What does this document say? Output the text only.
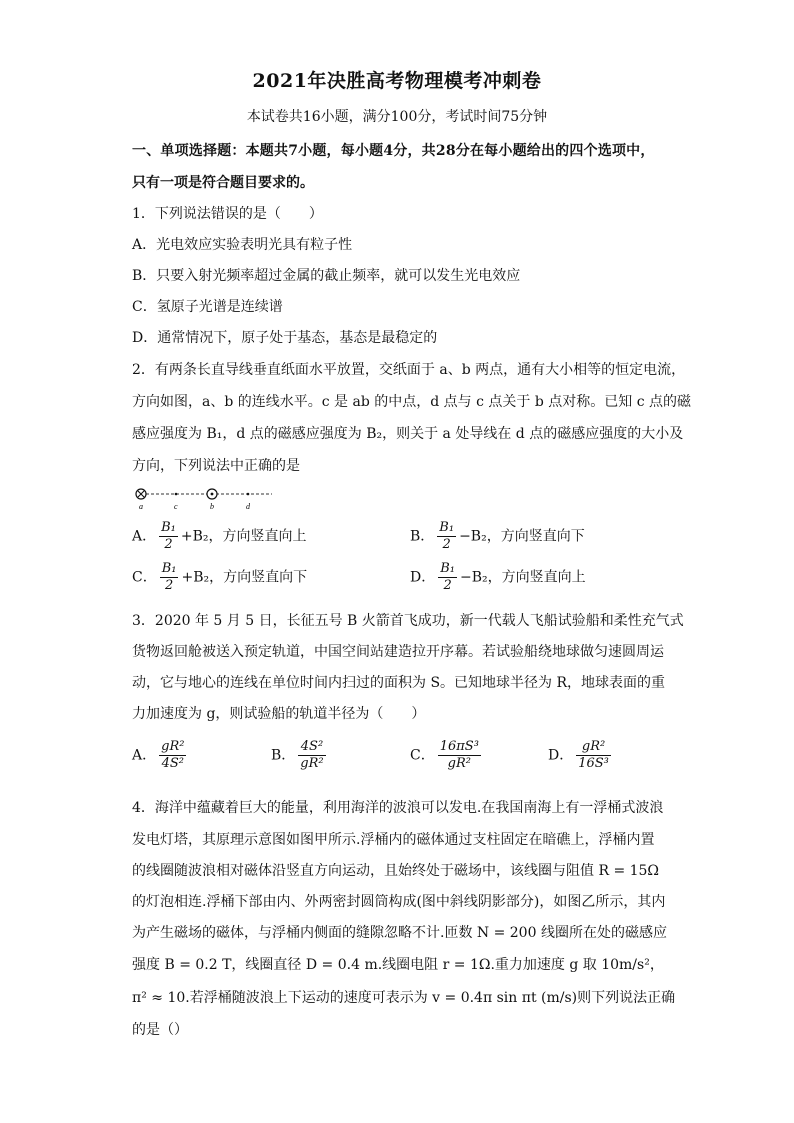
2021年决胜高考物理模考冲刺卷
本试卷共16小题，满分100分，考试时间75分钟
一、单项选择题：本题共7小题，每小题4分，共28分在每小题给出的四个选项中，
只有一项是符合题目要求的。
1．下列说法错误的是（　　）
A．光电效应实验表明光具有粒子性
B．只要入射光频率超过金属的截止频率，就可以发生光电效应
C．氢原子光谱是连续谱
D．通常情况下，原子处于基态，基态是最稳定的
2．有两条长直导线垂直纸面水平放置，交纸面于 a、b 两点，通有大小相等的恒定电流，
方向如图，a、b 的连线水平。c 是 ab 的中点，d 点与 c 点关于 b 点对称。已知 c 点的磁
感应强度为 B₁，d 点的磁感应强度为 B₂，则关于 a 处导线在 d 点的磁感应强度的大小及
方向，下列说法中正确的是
a	c	b	d
A． $\frac{\text{B₁}}{2} +B_2$，方向竖直向上	B． $\frac{\text{B₁}}{2} -B_2$，方向竖直向下
C． $\frac{\text{B₁}}{2} +B_2$，方向竖直向下	D． $\frac{\text{B₁}}{2} -B_2$，方向竖直向上
3．2020 年 5 月 5 日，长征五号 B 火箭首飞成功，新一代载人飞船试验船和柔性充气式
货物返回舱被送入预定轨道，中国空间站建造拉开序幕。若试验船绕地球做匀速圆周运
动，它与地心的连线在单位时间内扫过的面积为 S。已知地球半径为 R，地球表面的重
力加速度为 g，则试验船的轨道半径为（　　）
A． $\frac{\text{gR²}}{\text{4S²}}$	B． $\frac{\text{4S²}}{\text{gR²}}$	C． $\frac{\text{16πS³}}{\text{gR²}}$	D． $\frac{\text{gR²}}{\text{16S³}}$
4．海洋中蕴藏着巨大的能量，利用海洋的波浪可以发电.在我国南海上有一浮桶式波浪
发电灯塔，其原理示意图如图甲所示.浮桶内的磁体通过支柱固定在暗礁上，浮桶内置
的线圈随波浪相对磁体沿竖直方向运动，且始终处于磁场中，该线圈与阻值 R = 15Ω
的灯泡相连.浮桶下部由内、外两密封圆筒构成(图中斜线阴影部分)，如图乙所示，其内
为产生磁场的磁体，与浮桶内侧面的缝隙忽略不计.匝数 N = 200 线圈所在处的磁感应
强度 B = 0.2 T，线圈直径 D = 0.4 m.线圈电阻 r = 1Ω.重力加速度 g 取 10m/s²，
π² ≈ 10.若浮桶随波浪上下运动的速度可表示为 v = 0.4π sin πt (m/s)则下列说法正确
的是（）
